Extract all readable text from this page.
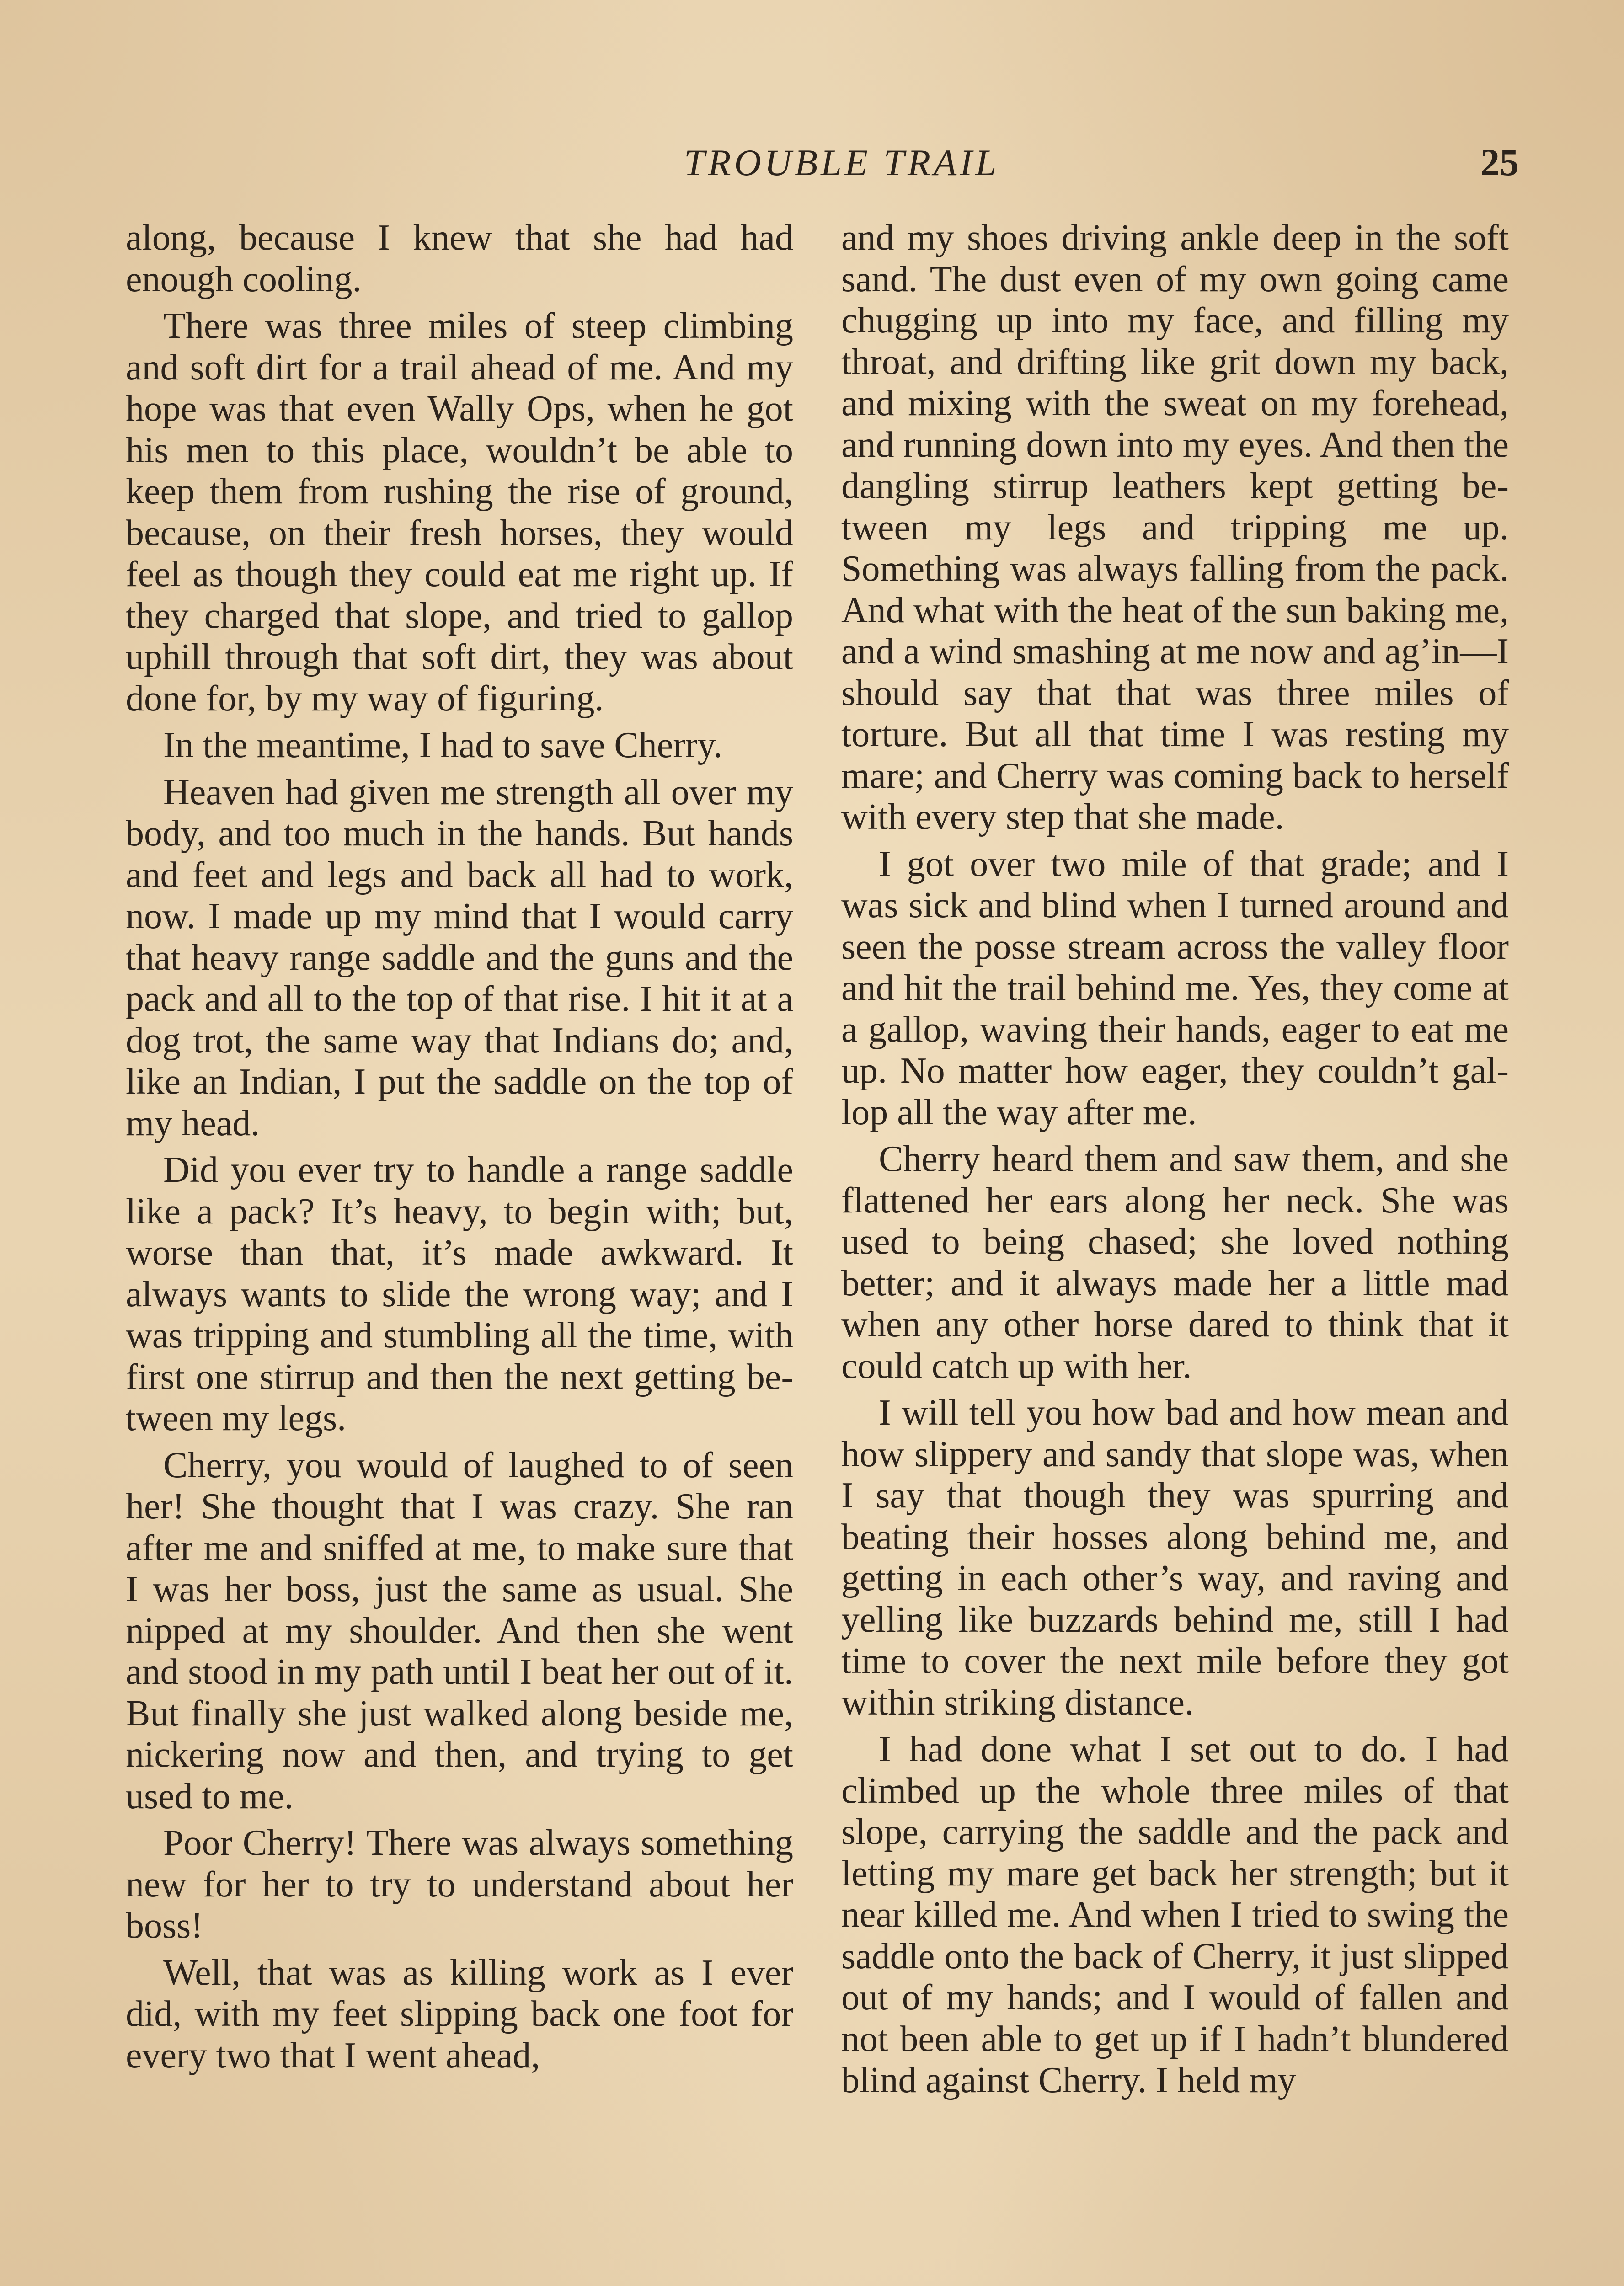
TROUBLE TRAIL	25

along, because I knew that she had had enough cooling.

There was three miles of steep climbing and soft dirt for a trail ahead of me. And my hope was that even Wally Ops, when he got his men to this place, wouldn’t be able to keep them from rushing the rise of ground, because, on their fresh horses, they would feel as though they could eat me right up. If they charged that slope, and tried to gallop uphill through that soft dirt, they was about done for, by my way of figuring.

In the meantime, I had to save Cherry.

Heaven had given me strength all over my body, and too much in the hands. But hands and feet and legs and back all had to work, now. I made up my mind that I would carry that heavy range saddle and the guns and the pack and all to the top of that rise. I hit it at a dog trot, the same way that Indians do; and, like an Indian, I put the saddle on the top of my head.

Did you ever try to handle a range saddle like a pack? It’s heavy, to begin with; but, worse than that, it’s made awkward. It always wants to slide the wrong way; and I was tripping and stumbling all the time, with first one stirrup and then the next getting between my legs.

Cherry, you would of laughed to of seen her! She thought that I was crazy. She ran after me and sniffed at me, to make sure that I was her boss, just the same as usual. She nipped at my shoulder. And then she went and stood in my path until I beat her out of it. But finally she just walked along beside me, nickering now and then, and trying to get used to me.

Poor Cherry! There was always something new for her to try to understand about her boss!

Well, that was as killing work as I ever did, with my feet slipping back one foot for every two that I went ahead,

and my shoes driving ankle deep in the soft sand. The dust even of my own going came chugging up into my face, and filling my throat, and drifting like grit down my back, and mixing with the sweat on my forehead, and running down into my eyes. And then the dangling stirrup leathers kept getting between my legs and tripping me up. Something was always falling from the pack. And what with the heat of the sun baking me, and a wind smashing at me now and ag’in—I should say that that was three miles of torture. But all that time I was resting my mare; and Cherry was coming back to herself with every step that she made.

I got over two mile of that grade; and I was sick and blind when I turned around and seen the posse stream across the valley floor and hit the trail behind me. Yes, they come at a gallop, waving their hands, eager to eat me up. No matter how eager, they couldn’t gallop all the way after me.

Cherry heard them and saw them, and she flattened her ears along her neck. She was used to being chased; she loved nothing better; and it always made her a little mad when any other horse dared to think that it could catch up with her.

I will tell you how bad and how mean and how slippery and sandy that slope was, when I say that though they was spurring and beating their hosses along behind me, and getting in each other’s way, and raving and yelling like buzzards behind me, still I had time to cover the next mile before they got within striking distance.

I had done what I set out to do. I had climbed up the whole three miles of that slope, carrying the saddle and the pack and letting my mare get back her strength; but it near killed me. And when I tried to swing the saddle onto the back of Cherry, it just slipped out of my hands; and I would of fallen and not been able to get up if I hadn’t blundered blind against Cherry. I held my
